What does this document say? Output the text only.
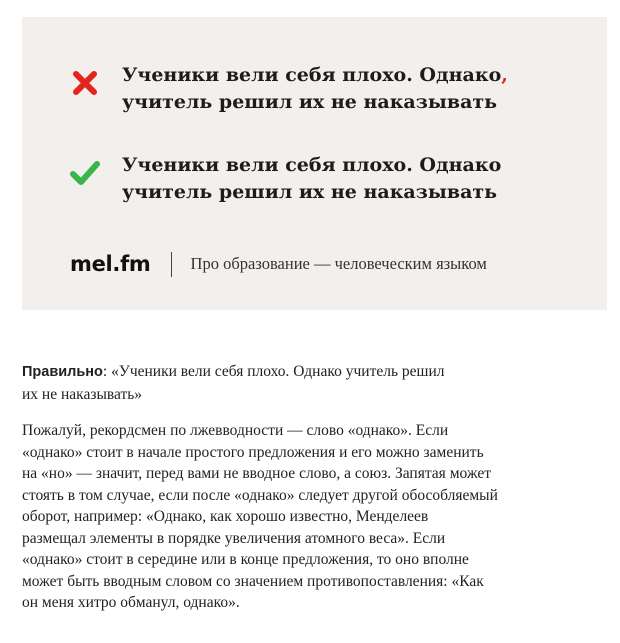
Ученики вели себя плохо. Однако,
учитель решил их не наказывать
Ученики вели себя плохо. Однако
учитель решил их не наказывать
mel.fm Про образование — человеческим языком

Правильно: «Ученики вели себя плохо. Однако учитель решил
их не наказывать»

Пожалуй, рекордсмен по лжевводности — слово «однако». Если
«однако» стоит в начале простого предложения и его можно заменить
на «но» — значит, перед вами не вводное слово, а союз. Запятая может
стоять в том случае, если после «однако» следует другой обособляемый
оборот, например: «Однако, как хорошо известно, Менделеев
размещал элементы в порядке увеличения атомного веса». Если
«однако» стоит в середине или в конце предложения, то оно вполне
может быть вводным словом со значением противопоставления: «Как
он меня хитро обманул, однако».
